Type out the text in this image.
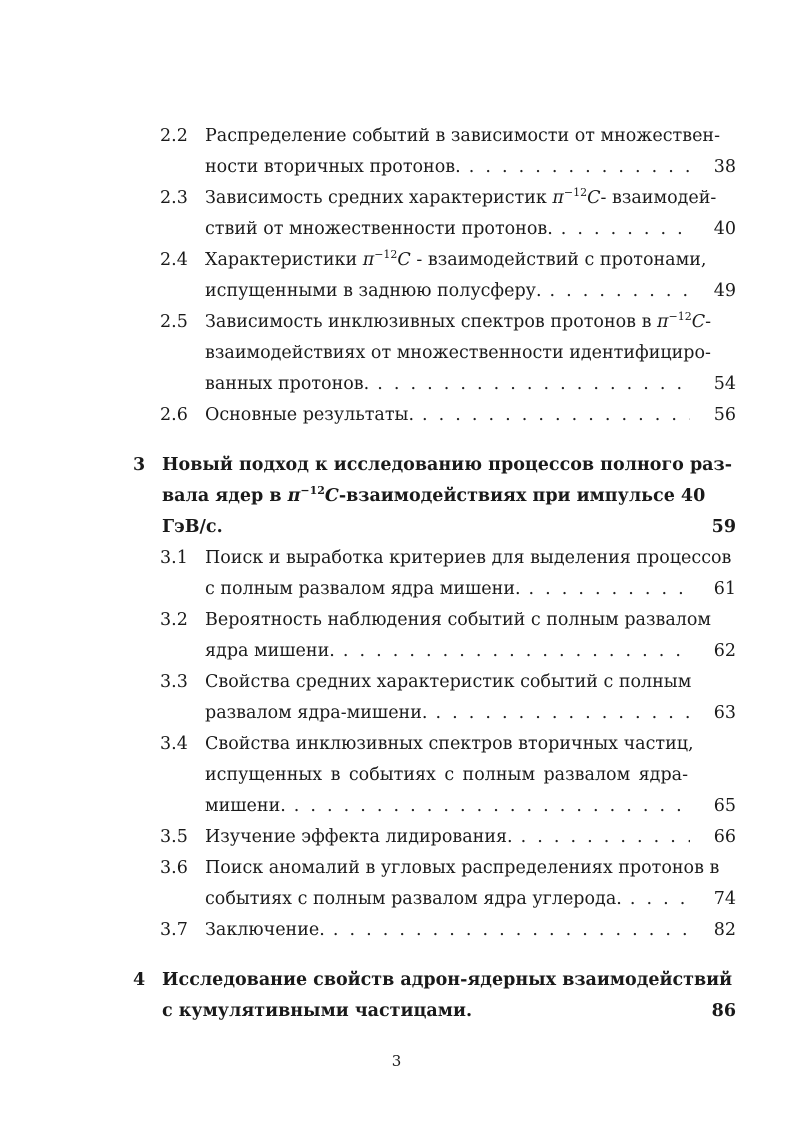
2.2 Распределение событий в зависимости от множествен-
ности вторичных протонов. . . .	38
2.3 Зависимость средних характеристик $\pi^{-12}C-$ взаимодей-
ствий от множественности протонов. . . .	40
2.4 Характеристики $\pi^{-12}C$ - взаимодействий с протонами,
испущенными в заднюю полусферу. . . .	49
2.5 Зависимость инклюзивных спектров протонов в $\pi^{-12}C-$
взаимодействиях от множественности идентифициро-
ванных протонов. . . .	54
2.6 Основные результаты. . . .	56
3 Новый подход к исследованию процессов полного раз-
вала ядер в $\pi^{-12}C$-взаимодействиях при импульсе 40
ГэВ/с.	59
3.1 Поиск и выработка критериев для выделения процессов
с полным развалом ядра мишени. . . .	61
3.2 Вероятность наблюдения событий с полным развалом
ядра мишени. . . .	62
3.3 Свойства средних характеристик событий с полным
развалом ядра-мишени. . . .	63
3.4 Свойства инклюзивных спектров вторичных частиц,
испущенных в событиях с полным развалом ядра-
мишени. . . .	65
3.5 Изучение эффекта лидирования. . . .	66
3.6 Поиск аномалий в угловых распределениях протонов в
событиях с полным развалом ядра углерода. . . .	74
3.7 Заключение. . . .	82
4 Исследование свойств адрон-ядерных взаимодействий
с кумулятивными частицами.	86
3
